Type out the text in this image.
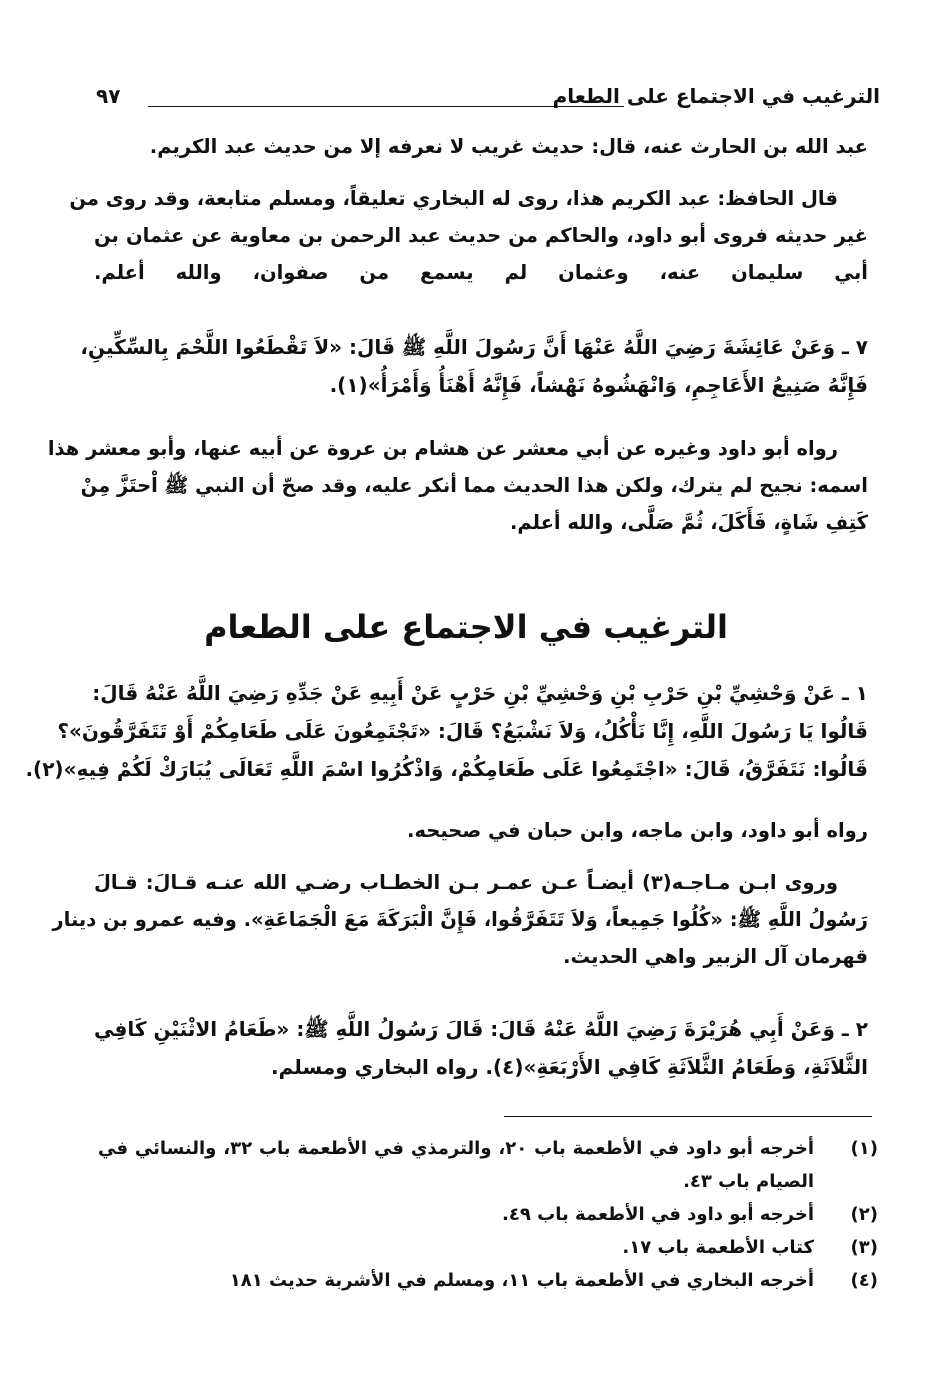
الترغيب في الاجتماع على الطعام
٩٧
عبد الله بن الحارث عنه، قال: حديث غريب لا نعرفه إلا من حديث عبد الكريم.
قال الحافظ: عبد الكريم هذا، روى له البخاري تعليقاً، ومسلم متابعة، وقد روى من
غير حديثه فروى أبو داود، والحاكم من حديث عبد الرحمن بن معاوية عن عثمان بن
أبي سليمان عنه، وعثمان لم يسمع من صفوان، والله أعلم.
٧ ـ وَعَنْ عَائِشَةَ رَضِيَ اللَّهُ عَنْهَا أَنَّ رَسُولَ اللَّهِ ﷺ قَالَ: «لاَ تَقْطَعُوا اللَّحْمَ بِالسِّكِّينِ،
فَإِنَّهُ صَنِيعُ الأَعَاجِمِ، وَانْهَشُوهُ نَهْشاً، فَإِنَّهُ أَهْنَأُ وَأَمْرَأُ»(١).
رواه أبو داود وغيره عن أبي معشر عن هشام بن عروة عن أبيه عنها، وأبو معشر هذا
اسمه: نجيح لم يترك، ولكن هذا الحديث مما أنكر عليه، وقد صحّ أن النبي ﷺ اْحتَزَّ مِنْ
كَتِفِ شَاةٍ، فَأَكَلَ، ثُمَّ صَلَّى، والله أعلم.
الترغيب في الاجتماع على الطعام
١ ـ عَنْ وَحْشِيِّ بْنِ حَرْبِ بْنِ وَحْشِيِّ بْنِ حَرْبٍ عَنْ أَبِيهِ عَنْ جَدِّهِ رَضِيَ اللَّهُ عَنْهُ قَالَ:
قَالُوا يَا رَسُولَ اللَّهِ، إِنَّا نَأْكُلُ، وَلاَ نَشْبَعُ؟ قَالَ: «تَجْتَمِعُونَ عَلَى طَعَامِكُمْ أَوْ تَتَفَرَّقُونَ»؟
قَالُوا: نَتَفَرَّقُ، قَالَ: «اجْتَمِعُوا عَلَى طَعَامِكُمْ، وَاذْكُرُوا اسْمَ اللَّهِ تَعَالَى يُبَارَكْ لَكُمْ فِيهِ»(٢).
رواه أبو داود، وابن ماجه، وابن حبان في صحيحه.
وروى ابـن مـاجـه(٣) أيضـاً عـن عمـر بـن الخطـاب رضـي الله عنـه قـالَ: قـالَ
رَسُولُ اللَّهِ ﷺ: «كُلُوا جَمِيعاً، وَلاَ تَتَفَرَّقُوا، فَإِنَّ الْبَرَكَةَ مَعَ الْجَمَاعَةِ». وفيه عمرو بن دينار
قهرمان آل الزبير واهي الحديث.
٢ ـ وَعَنْ أَبِي هُرَيْرَةَ رَضِيَ اللَّهُ عَنْهُ قَالَ: قَالَ رَسُولُ اللَّهِ ﷺ: «طَعَامُ الاثْنَيْنِ كَافِي
الثَّلاَثَةِ، وَطَعَامُ الثَّلاَثَةِ كَافِي الأَرْبَعَةِ»(٤). رواه البخاري ومسلم.
(١)
أخرجه أبو داود في الأطعمة باب ٢٠، والترمذي في الأطعمة باب ٣٢، والنسائي في الصيام باب ٤٣.
(٢)
أخرجه أبو داود في الأطعمة باب ٤٩.
(٣)
كتاب الأطعمة باب ١٧.
(٤)
أخرجه البخاري في الأطعمة باب ١١، ومسلم في الأشربة حديث ١٨١
